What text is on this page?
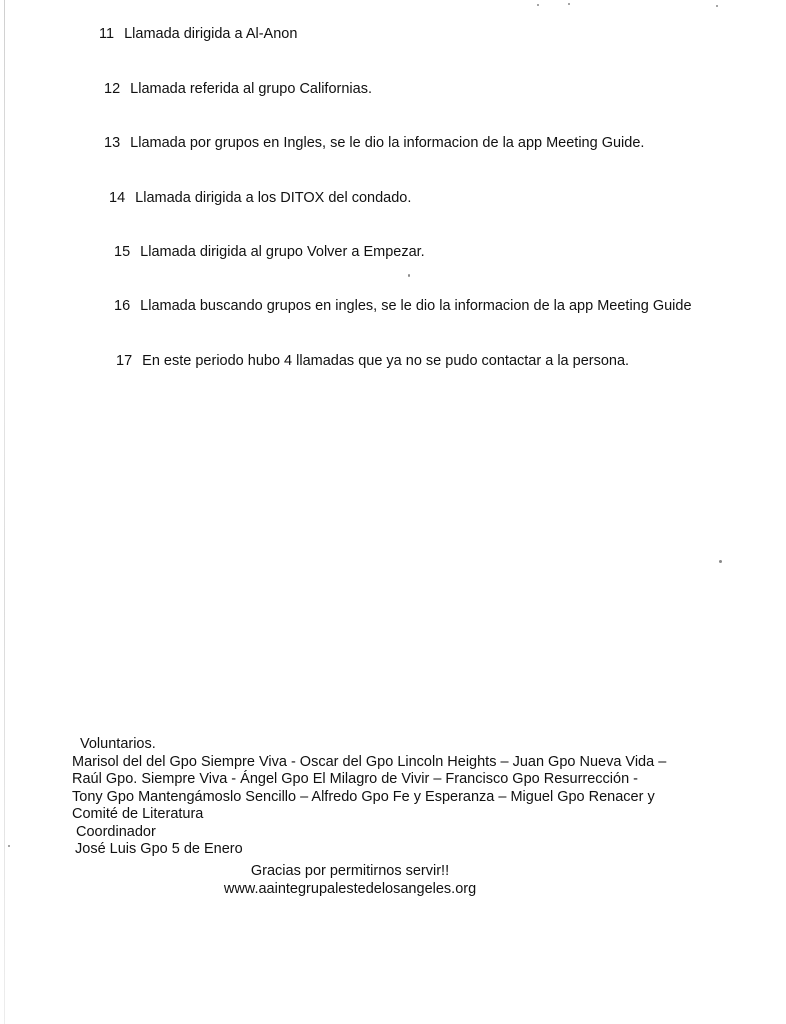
11 Llamada dirigida a Al-Anon
12 Llamada referida al grupo Californias.
13 Llamada por grupos en Ingles, se le dio la informacion de la app Meeting Guide.
14 Llamada dirigida a los DITOX del condado.
15 Llamada dirigida al grupo Volver a Empezar.
16 Llamada buscando grupos en ingles, se le dio la informacion de la app Meeting Guide
17 En este periodo hubo 4 llamadas que ya no se pudo contactar a la persona.
Voluntarios.
Marisol del del Gpo Siempre Viva - Oscar del Gpo Lincoln Heights – Juan Gpo Nueva Vida –
Raúl Gpo. Siempre Viva - Ángel Gpo El Milagro de Vivir – Francisco Gpo Resurrección -
Tony Gpo Mantengámoslo Sencillo – Alfredo Gpo Fe y Esperanza – Miguel Gpo Renacer y
Comité de Literatura
Coordinador
José Luis Gpo 5 de Enero
Gracias por permitirnos servir!!
www.aaintegrupalestedelosangeles.org
